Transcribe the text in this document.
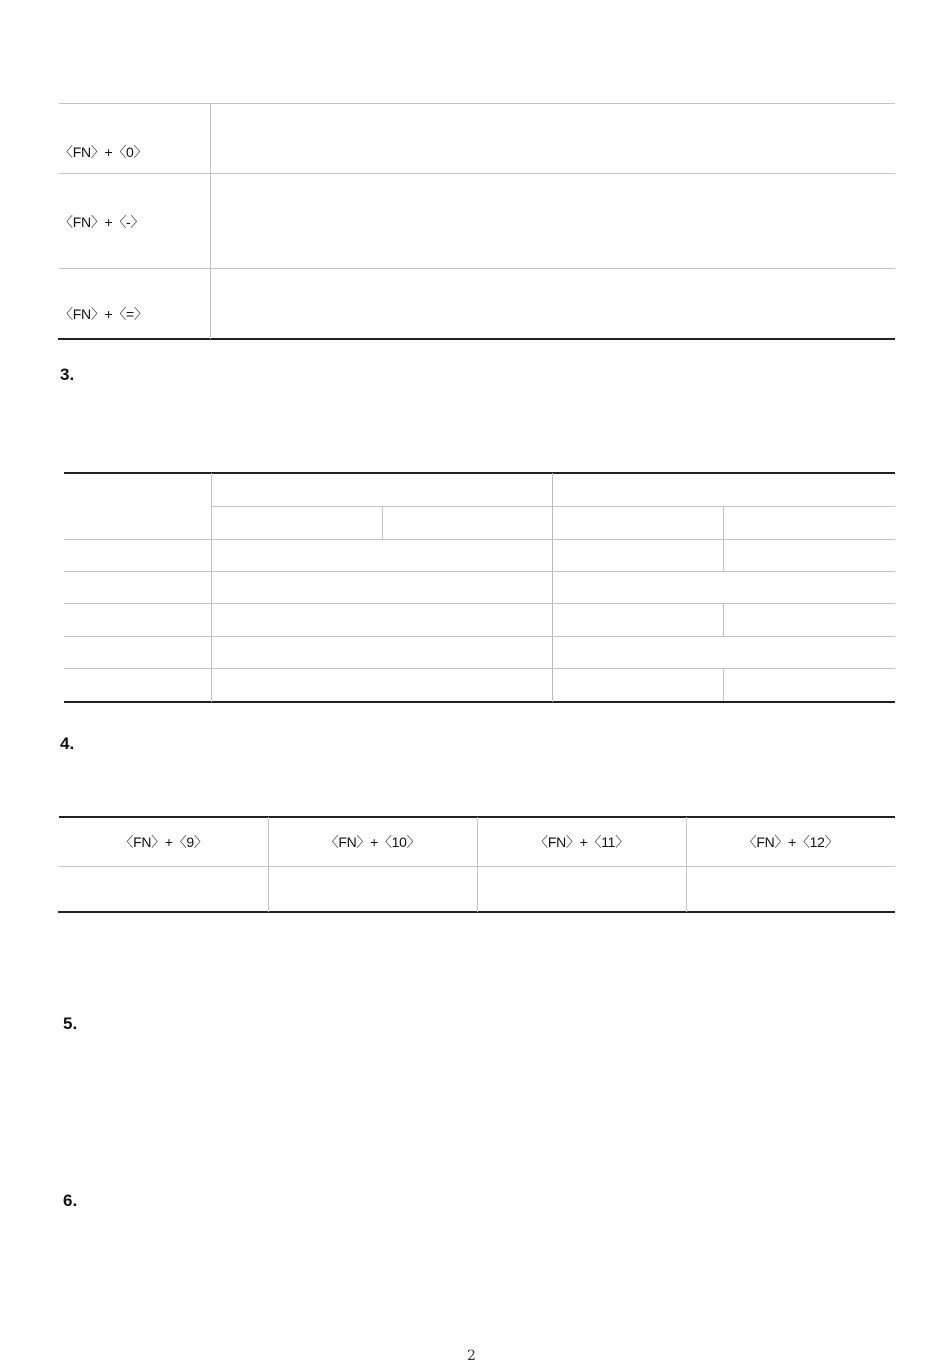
〈FN〉+〈0〉
〈FN〉+〈-〉
〈FN〉+〈=〉
3.
4.
〈FN〉+〈9〉	〈FN〉+〈10〉	〈FN〉+〈11〉	〈FN〉+〈12〉
5.
6.
2
